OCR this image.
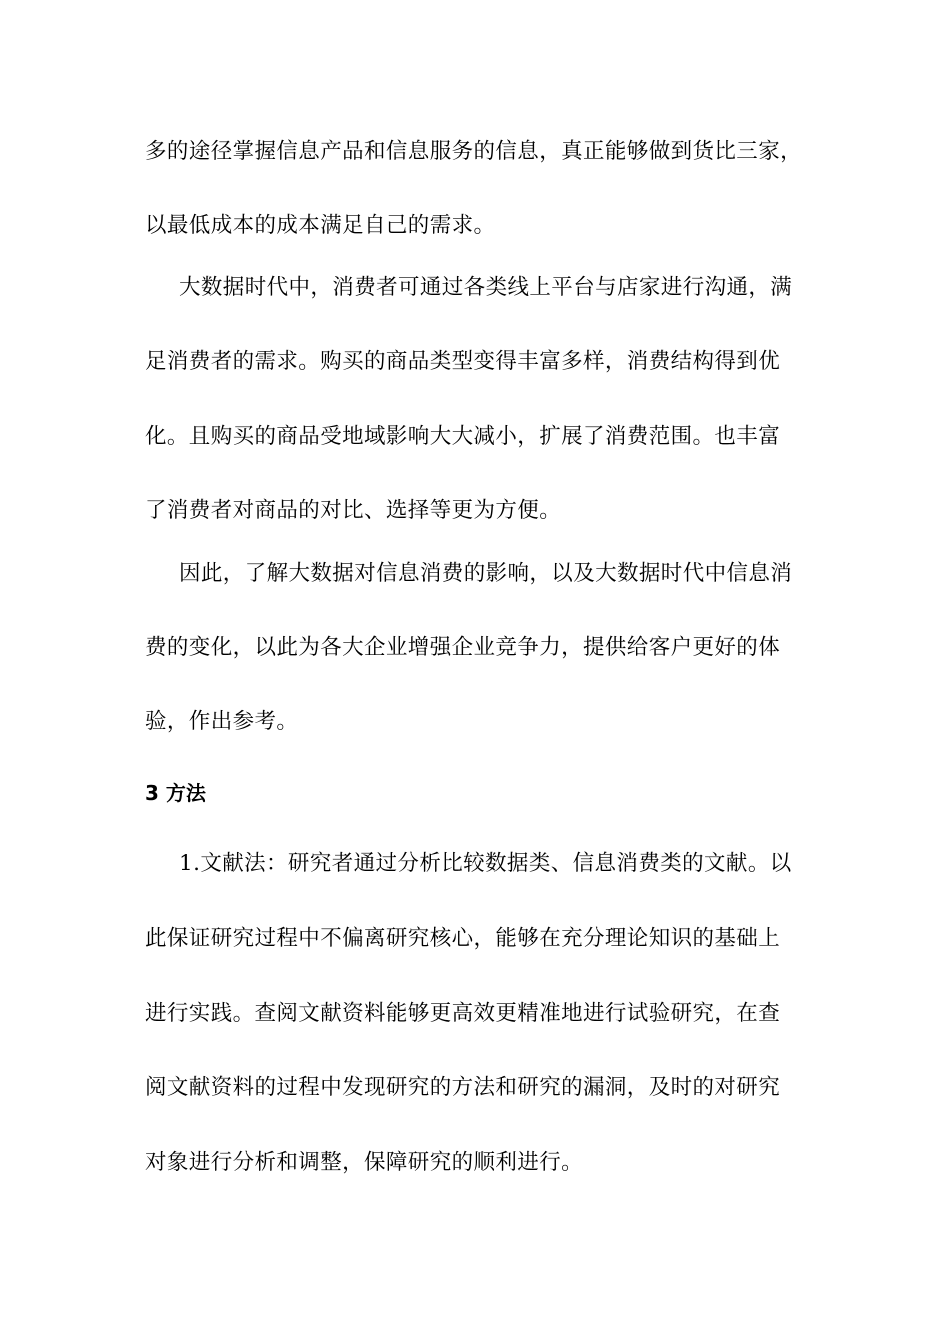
多的途径掌握信息产品和信息服务的信息，真正能够做到货比三家，
以最低成本的成本满足自己的需求。
大数据时代中，消费者可通过各类线上平台与店家进行沟通，满
足消费者的需求。购买的商品类型变得丰富多样，消费结构得到优
化。且购买的商品受地域影响大大减小，扩展了消费范围。也丰富
了消费者对商品的对比、选择等更为方便。
因此，了解大数据对信息消费的影响，以及大数据时代中信息消
费的变化，以此为各大企业增强企业竞争力，提供给客户更好的体
验，作出参考。
3 方法
1.文献法：研究者通过分析比较数据类、信息消费类的文献。以
此保证研究过程中不偏离研究核心，能够在充分理论知识的基础上
进行实践。查阅文献资料能够更高效更精准地进行试验研究，在查
阅文献资料的过程中发现研究的方法和研究的漏洞，及时的对研究
对象进行分析和调整，保障研究的顺利进行。
